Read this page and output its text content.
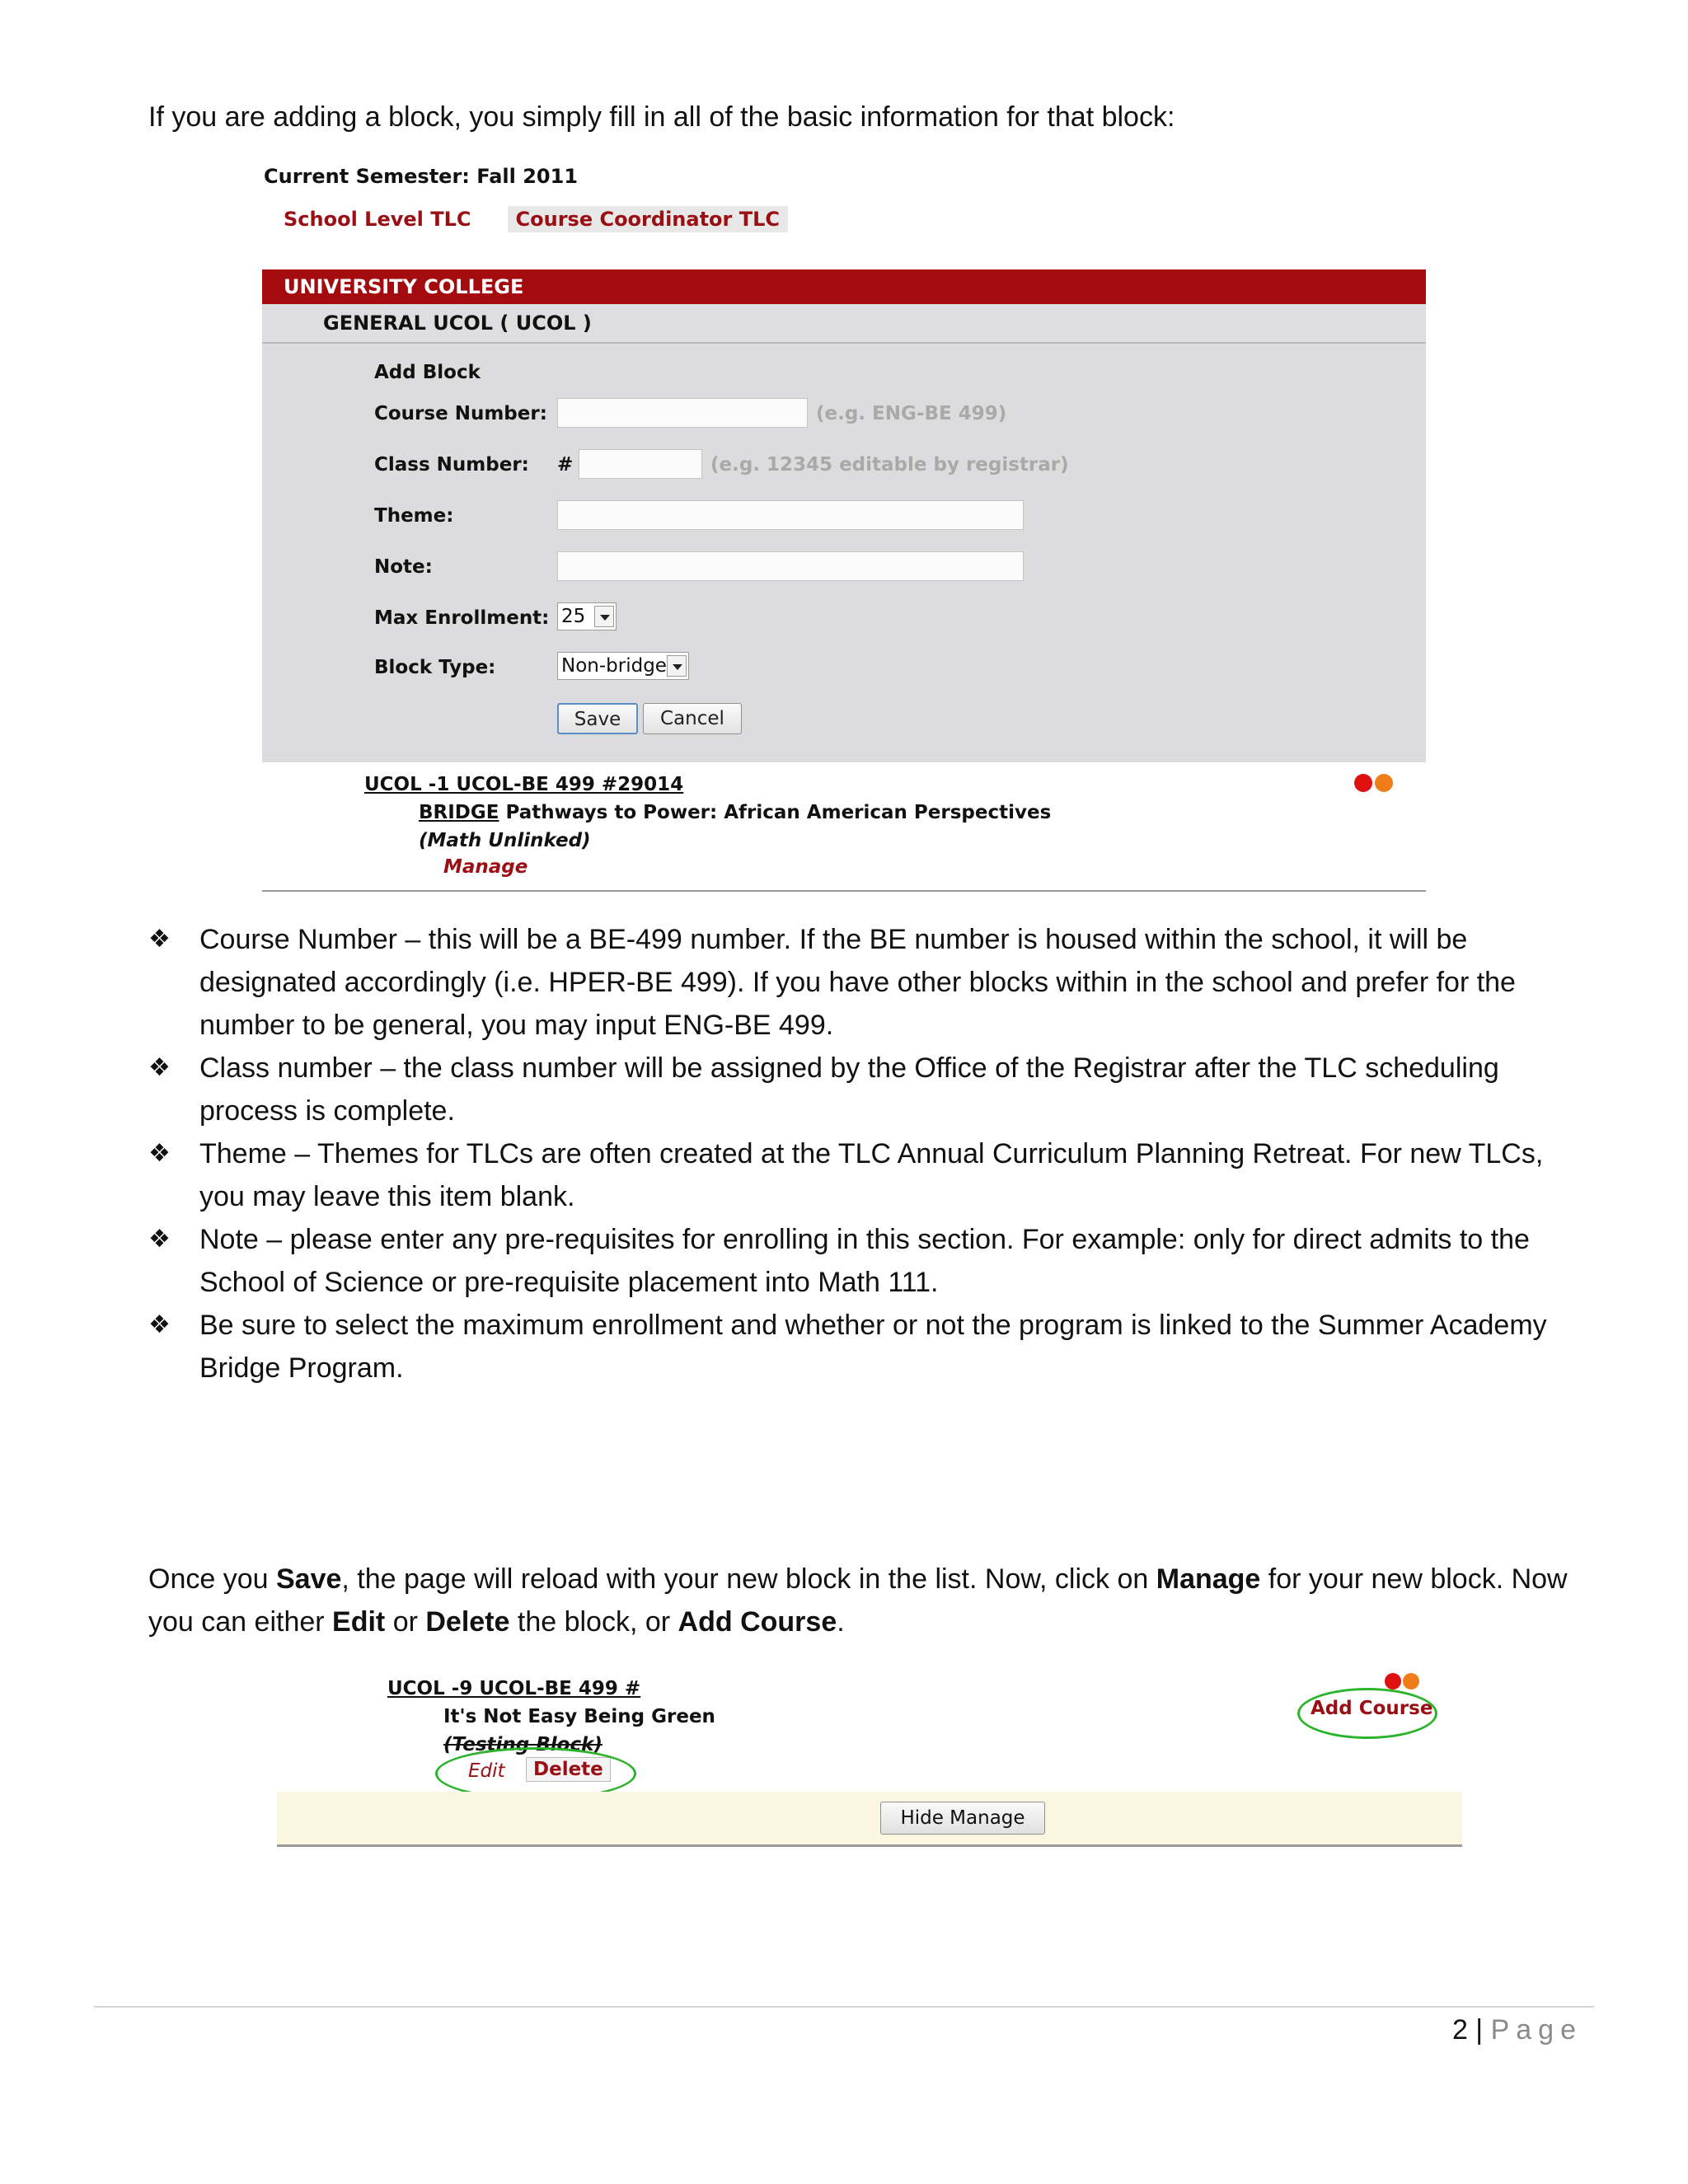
If you are adding a block, you simply fill in all of the basic information for that block:
Current Semester: Fall 2011
School Level TLC	Course Coordinator TLC
UNIVERSITY COLLEGE
GENERAL UCOL ( UCOL )
Add Block
Course Number:	(e.g. ENG-BE 499)
Class Number: #	(e.g. 12345 editable by registrar)
Theme:
Note:
Max Enrollment: 25
Block Type:	Non-bridge
Save	Cancel
UCOL -1 UCOL-BE 499 #29014
BRIDGE Pathways to Power: African American Perspectives
(Math Unlinked)
Manage
❖ Course Number – this will be a BE-499 number. If the BE number is housed within the school, it will be designated accordingly (i.e. HPER-BE 499). If you have other blocks within in the school and prefer for the number to be general, you may input ENG-BE 499.
❖ Class number – the class number will be assigned by the Office of the Registrar after the TLC scheduling process is complete.
❖ Theme – Themes for TLCs are often created at the TLC Annual Curriculum Planning Retreat. For new TLCs, you may leave this item blank.
❖ Note – please enter any pre-requisites for enrolling in this section. For example: only for direct admits to the School of Science or pre-requisite placement into Math 111.
❖ Be sure to select the maximum enrollment and whether or not the program is linked to the Summer Academy Bridge Program.
Once you Save, the page will reload with your new block in the list. Now, click on Manage for your new block. Now you can either Edit or Delete the block, or Add Course.
UCOL -9 UCOL-BE 499 #
It's Not Easy Being Green
(Testing Block)
Edit	Delete
Add Course
Hide Manage
2 | Page
